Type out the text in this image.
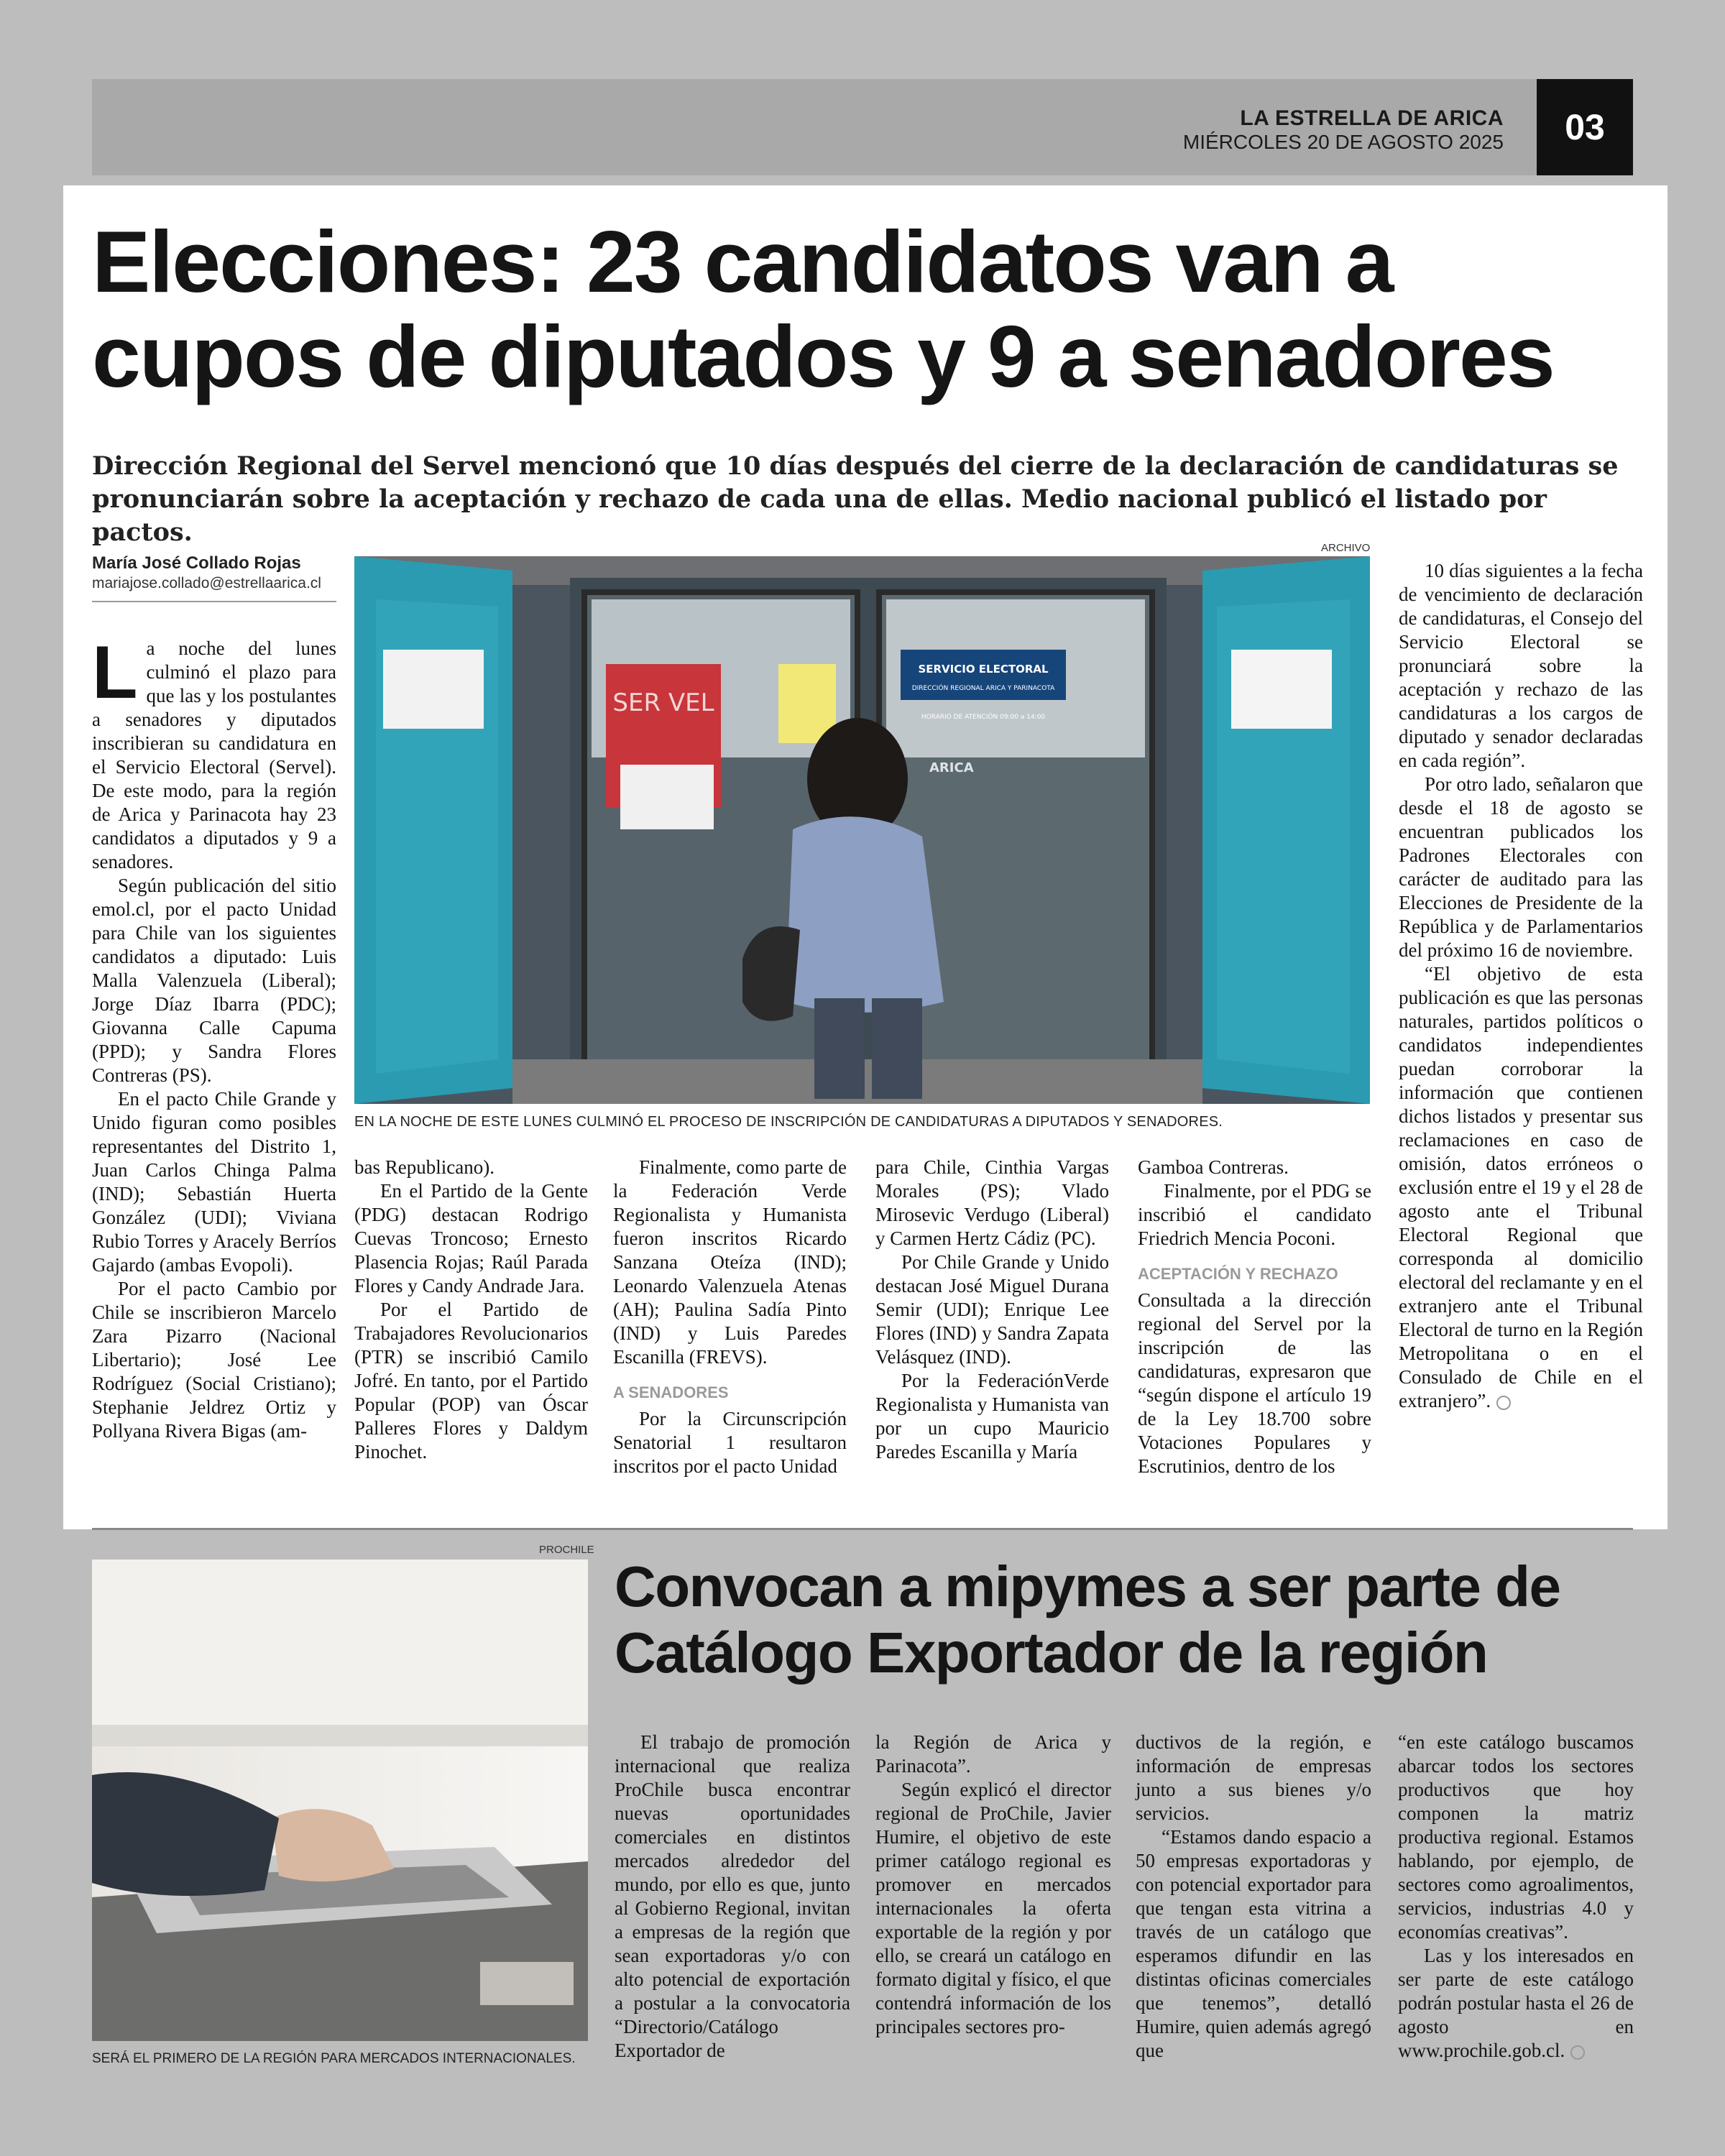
LA ESTRELLA DE ARICA
MIÉRCOLES 20 DE AGOSTO 2025	03
Elecciones: 23 candidatos van a cupos de diputados y 9 a senadores
Dirección Regional del Servel mencionó que 10 días después del cierre de la declaración de candidaturas se pronunciarán sobre la aceptación y rechazo de cada una de ellas. Medio nacional publicó el listado por pactos.
María José Collado Rojas
mariajose.collado@estrellaarica.cl
ARCHIVO
SER VEL
SERVICIO ELECTORAL
DIRECCIÓN REGIONAL ARICA Y PARINACOTA
HORARIO DE ATENCIÓN 09:00 a 14:00
ARICA
EN LA NOCHE DE ESTE LUNES CULMINÓ EL PROCESO DE INSCRIPCIÓN DE CANDIDATURAS A DIPUTADOS Y SENADORES.

La noche del lunes culminó el plazo para que las y los postulantes a senadores y diputados inscribieran su candidatura en el Servicio Electoral (Servel). De este modo, para la región de Arica y Parinacota hay 23 candidatos a diputados y 9 a senadores.

Según publicación del sitio emol.cl, por el pacto Unidad para Chile van los siguientes candidatos a diputado: Luis Malla Valenzuela (Liberal); Jorge Díaz Ibarra (PDC); Giovanna Calle Capuma (PPD); y Sandra Flores Contreras (PS).

En el pacto Chile Grande y Unido figuran como posibles representantes del Distrito 1, Juan Carlos Chinga Palma (IND); Sebastián Huerta González (UDI); Viviana Rubio Torres y Aracely Berríos Gajardo (ambas Evopoli).

Por el pacto Cambio por Chile se inscribieron Marcelo Zara Pizarro (Nacional Libertario); José Lee Rodríguez (Social Cristiano); Stephanie Jeldrez Ortiz y Pollyana Rivera Bigas (am-

bas Republicano).

En el Partido de la Gente (PDG) destacan Rodrigo Cuevas Troncoso; Ernesto Plasencia Rojas; Raúl Parada Flores y Candy Andrade Jara.

Por el Partido de Trabajadores Revolucionarios (PTR) se inscribió Camilo Jofré. En tanto, por el Partido Popular (POP) van Óscar Palleres Flores y Daldym Pinochet.

Finalmente, como parte de la Federación Verde Regionalista y Humanista fueron inscritos Ricardo Sanzana Oteíza (IND); Leonardo Valenzuela Atenas (AH); Paulina Sadía Pinto (IND) y Luis Paredes Escanilla (FREVS).

A SENADORES

Por la Circunscripción Senatorial 1 resultaron inscritos por el pacto Unidad

para Chile, Cinthia Vargas Morales (PS); Vlado Mirosevic Verdugo (Liberal) y Carmen Hertz Cádiz (PC).

Por Chile Grande y Unido destacan José Miguel Durana Semir (UDI); Enrique Lee Flores (IND) y Sandra Zapata Velásquez (IND).

Por la FederaciónVerde Regionalista y Humanista van por un cupo Mauricio Paredes Escanilla y María

Gamboa Contreras.

Finalmente, por el PDG se inscribió el candidato Friedrich Mencia Poconi.

ACEPTACIÓN Y RECHAZO

Consultada a la dirección regional del Servel por la inscripción de las candidaturas, expresaron que “según dispone el artículo 19 de la Ley 18.700 sobre Votaciones Populares y Escrutinios, dentro de los

10 días siguientes a la fecha de vencimiento de declaración de candidaturas, el Consejo del Servicio Electoral se pronunciará sobre la aceptación y rechazo de las candidaturas a los cargos de diputado y senador declaradas en cada región”.

Por otro lado, señalaron que desde el 18 de agosto se encuentran publicados los Padrones Electorales con carácter de auditado para las Elecciones de Presidente de la República y de Parlamentarios del próximo 16 de noviembre.

“El objetivo de esta publicación es que las personas naturales, partidos políticos o candidatos independientes puedan corroborar la información que contienen dichos listados y presentar sus reclamaciones en caso de omisión, datos erróneos o exclusión entre el 19 y el 28 de agosto ante el Tribunal Electoral Regional que corresponda al domicilio electoral del reclamante y en el extranjero ante el Tribunal Electoral de turno en la Región Metropolitana o en el Consulado de Chile en el extranjero”.

PROCHILE
SERÁ EL PRIMERO DE LA REGIÓN PARA MERCADOS INTERNACIONALES.
Convocan a mipymes a ser parte de Catálogo Exportador de la región

El trabajo de promoción internacional que realiza ProChile busca encontrar nuevas oportunidades comerciales en distintos mercados alrededor del mundo, por ello es que, junto al Gobierno Regional, invitan a empresas de la región que sean exportadoras y/o con alto potencial de exportación a postular a la convocatoria “Directorio/Catálogo Exportador de

la Región de Arica y Parinacota”.

Según explicó el director regional de ProChile, Javier Humire, el objetivo de este primer catálogo regional es promover en mercados internacionales la oferta exportable de la región y por ello, se creará un catálogo en formato digital y físico, el que contendrá información de los principales sectores pro-

ductivos de la región, e información de empresas junto a sus bienes y/o servicios.

“Estamos dando espacio a 50 empresas exportadoras y con potencial exportador para que tengan esta vitrina a través de un catálogo que esperamos difundir en las distintas oficinas comerciales que tenemos”, detalló Humire, quien además agregó que

“en este catálogo buscamos abarcar todos los sectores productivos que hoy componen la matriz productiva regional. Estamos hablando, por ejemplo, de sectores como agroalimentos, servicios, industrias 4.0 y economías creativas”.

Las y los interesados en ser parte de este catálogo podrán postular hasta el 26 de agosto en www.prochile.gob.cl.
